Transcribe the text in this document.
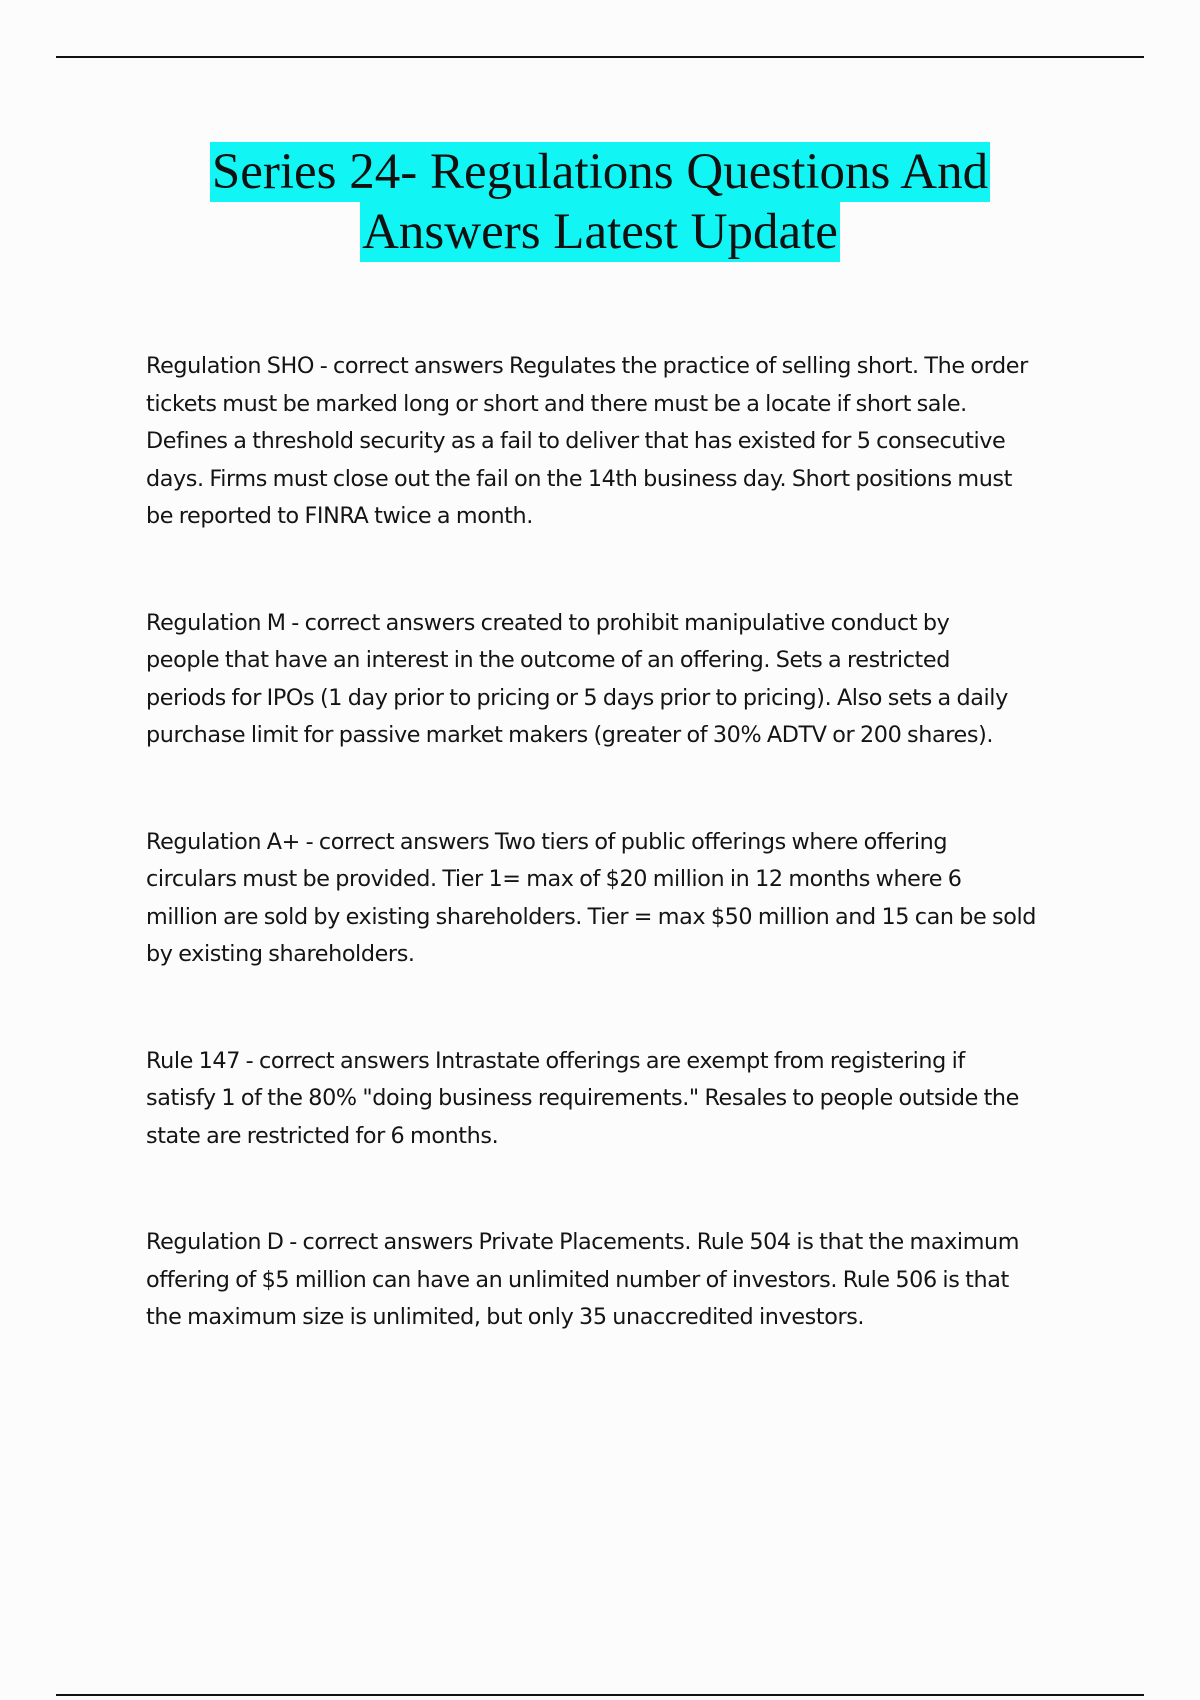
Series 24- Regulations Questions And
Answers Latest Update

Regulation SHO - correct answers Regulates the practice of selling short. The order
tickets must be marked long or short and there must be a locate if short sale.
Defines a threshold security as a fail to deliver that has existed for 5 consecutive
days. Firms must close out the fail on the 14th business day. Short positions must
be reported to FINRA twice a month.

Regulation M - correct answers created to prohibit manipulative conduct by
people that have an interest in the outcome of an offering. Sets a restricted
periods for IPOs (1 day prior to pricing or 5 days prior to pricing). Also sets a daily
purchase limit for passive market makers (greater of 30% ADTV or 200 shares).

Regulation A+ - correct answers Two tiers of public offerings where offering
circulars must be provided. Tier 1= max of $20 million in 12 months where 6
million are sold by existing shareholders. Tier = max $50 million and 15 can be sold
by existing shareholders.

Rule 147 - correct answers Intrastate offerings are exempt from registering if
satisfy 1 of the 80% "doing business requirements." Resales to people outside the
state are restricted for 6 months.

Regulation D - correct answers Private Placements. Rule 504 is that the maximum
offering of $5 million can have an unlimited number of investors. Rule 506 is that
the maximum size is unlimited, but only 35 unaccredited investors.
